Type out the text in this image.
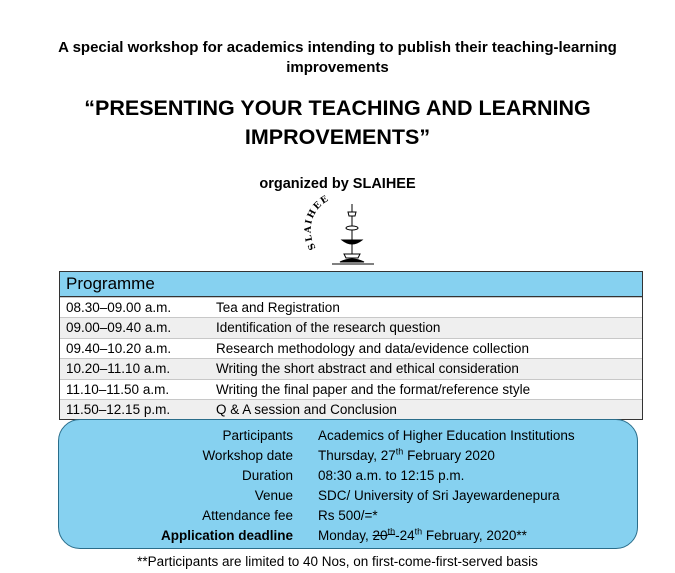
A special workshop for academics intending to publish their teaching-learning
improvements
“PRESENTING YOUR TEACHING AND LEARNING
IMPROVEMENTS”
organized by SLAIHEE
SLAIHEE
Programme
08.30–09.00 a.m.	Tea and Registration
09.00–09.40 a.m.	Identification of the research question
09.40–10.20 a.m.	Research methodology and data/evidence collection
10.20–11.10 a.m.	Writing the short abstract and ethical consideration
11.10–11.50 a.m.	Writing the final paper and the format/reference style
11.50–12.15 p.m.	Q & A session and Conclusion
Participants Academics of Higher Education Institutions
Workshop date Thursday, 27th February 2020
Duration 08:30 a.m. to 12:15 p.m.
Venue SDC/ University of Sri Jayewardenepura
Attendance fee Rs 500/=*
Application deadline Monday, 20th-24th February, 2020**
**Participants are limited to 40 Nos, on first-come-first-served basis
